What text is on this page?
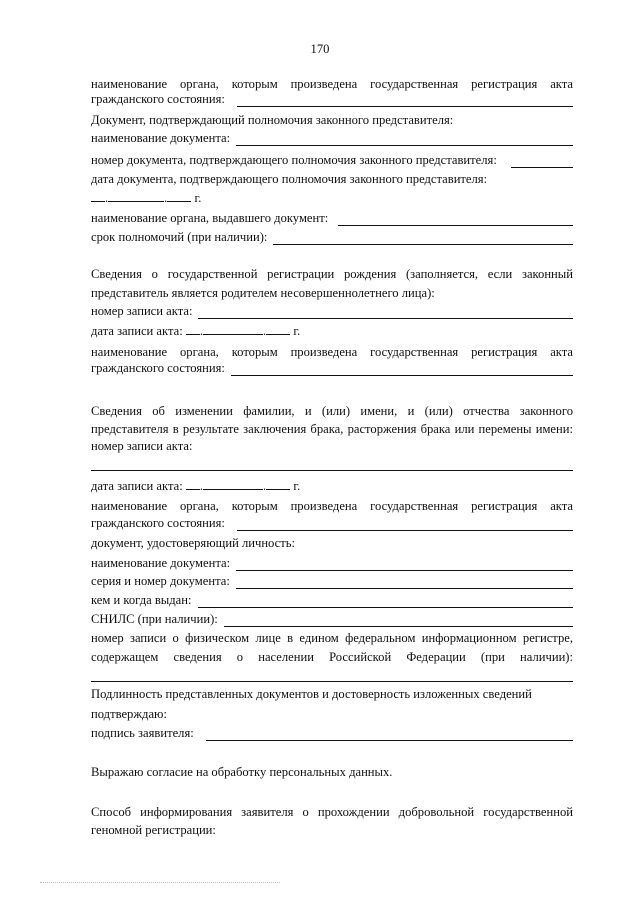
170
наименование органа, которым произведена государственная регистрация акта
гражданского состояния:
Документ, подтверждающий полномочия законного представителя:
наименование документа:
номер документа, подтверждающего полномочия законного представителя:
дата документа, подтверждающего полномочия законного представителя:
.	. г.
наименование органа, выдавшего документ:
срок полномочий (при наличии):
Сведения о государственной регистрации рождения (заполняется, если законный
представитель является родителем несовершеннолетнего лица):
номер записи акта:
дата записи акта: .	. г.
наименование органа, которым произведена государственная регистрация акта
гражданского состояния:
Сведения об изменении фамилии, и (или) имени, и (или) отчества законного
представителя в результате заключения брака, расторжения брака или перемены имени:
номер записи акта:
дата записи акта: .	. г.
наименование органа, которым произведена государственная регистрация акта
гражданского состояния:
документ, удостоверяющий личность:
наименование документа:
серия и номер документа:
кем и когда выдан:
СНИЛС (при наличии):
номер записи о физическом лице в едином федеральном информационном регистре,
содержащем сведения о населении Российской Федерации (при наличии):
Подлинность представленных документов и достоверность изложенных сведений
подтверждаю:
подпись заявителя:
Выражаю согласие на обработку персональных данных.
Способ информирования заявителя о прохождении добровольной государственной
геномной регистрации:
